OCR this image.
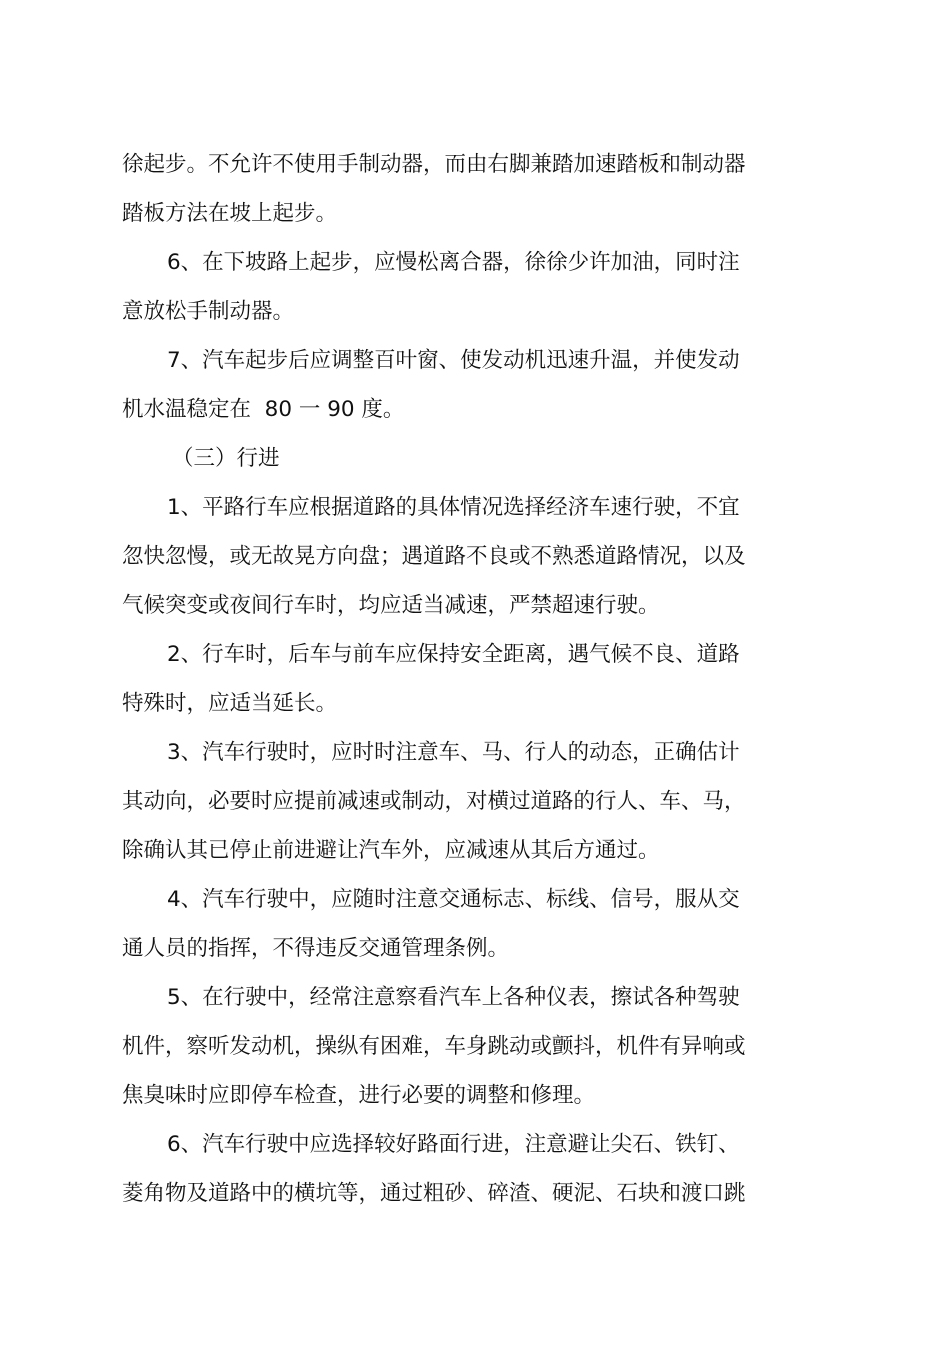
徐起步。不允许不使用手制动器，而由右脚兼踏加速踏板和制动器
踏板方法在坡上起步。
6、在下坡路上起步，应慢松离合器，徐徐少许加油，同时注
意放松手制动器。
7、汽车起步后应调整百叶窗、使发动机迅速升温，并使发动
机水温稳定在  80 一 90 度。
（三）行进
1、平路行车应根据道路的具体情况选择经济车速行驶，不宜
忽快忽慢，或无故晃方向盘；遇道路不良或不熟悉道路情况，以及
气候突变或夜间行车时，均应适当减速，严禁超速行驶。
2、行车时，后车与前车应保持安全距离，遇气候不良、道路
特殊时，应适当延长。
3、汽车行驶时，应时时注意车、马、行人的动态，正确估计
其动向，必要时应提前减速或制动，对横过道路的行人、车、马，
除确认其已停止前进避让汽车外，应减速从其后方通过。
4、汽车行驶中，应随时注意交通标志、标线、信号，服从交
通人员的指挥，不得违反交通管理条例。
5、在行驶中，经常注意察看汽车上各种仪表，擦试各种驾驶
机件，察听发动机，操纵有困难，车身跳动或颤抖，机件有异响或
焦臭味时应即停车检查，进行必要的调整和修理。
6、汽车行驶中应选择较好路面行进，注意避让尖石、铁钉、
菱角物及道路中的横坑等，通过粗砂、碎渣、硬泥、石块和渡口跳
